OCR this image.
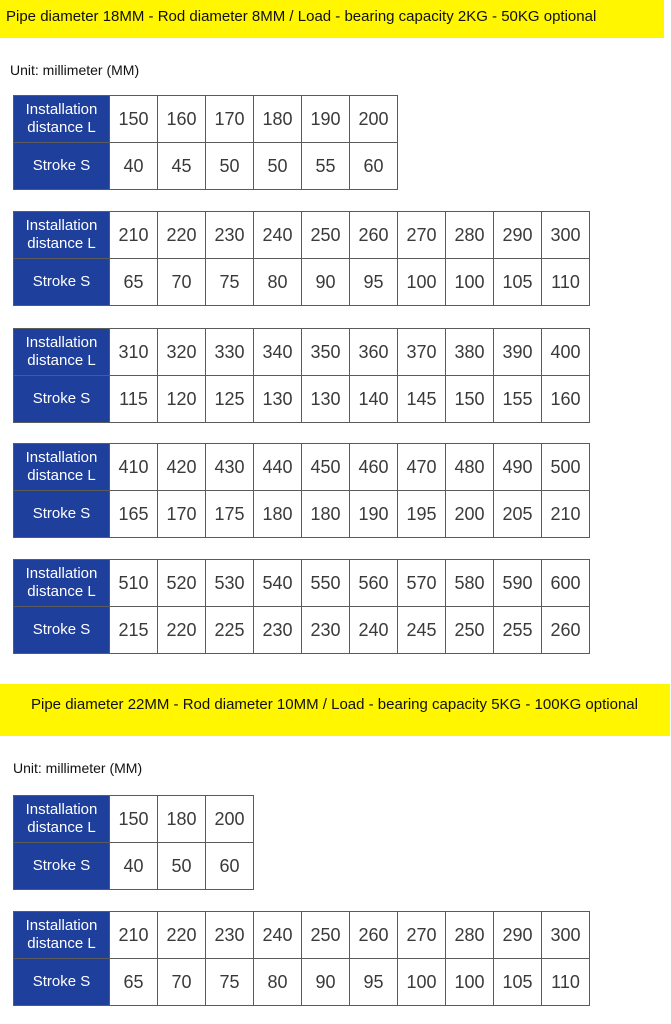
Pipe diameter 18MM - Rod diameter 8MM / Load - bearing capacity 2KG - 50KG optional
Unit: millimeter (MM)
Installation distance L	150	160	170	180	190	200
Stroke S	40	45	50	50	55	60
Installation distance L	210	220	230	240	250	260	270	280	290	300
Stroke S	65	70	75	80	90	95	100	100	105	110
Installation distance L	310	320	330	340	350	360	370	380	390	400
Stroke S	115	120	125	130	130	140	145	150	155	160
Installation distance L	410	420	430	440	450	460	470	480	490	500
Stroke S	165	170	175	180	180	190	195	200	205	210
Installation distance L	510	520	530	540	550	560	570	580	590	600
Stroke S	215	220	225	230	230	240	245	250	255	260
Pipe diameter 22MM - Rod diameter 10MM / Load - bearing capacity 5KG - 100KG optional
Unit: millimeter (MM)
Installation distance L	150	180	200
Stroke S	40	50	60
Installation distance L	210	220	230	240	250	260	270	280	290	300
Stroke S	65	70	75	80	90	95	100	100	105	110
